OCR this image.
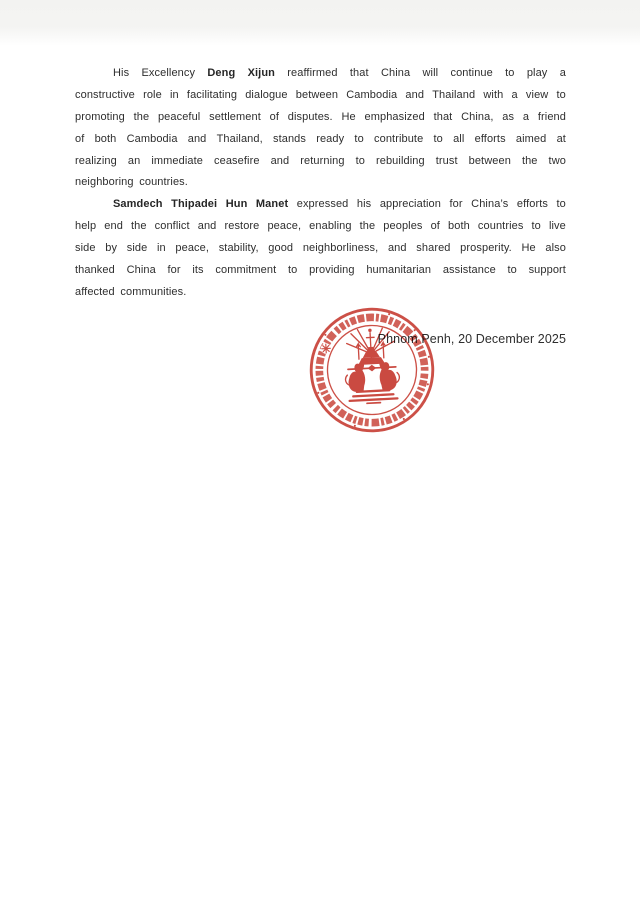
His Excellency Deng Xijun reaffirmed that China will continue to play a
constructive role in facilitating dialogue between Cambodia and Thailand with a view to
promoting the peaceful settlement of disputes. He emphasized that China, as a friend
of both Cambodia and Thailand, stands ready to contribute to all efforts aimed at
realizing an immediate ceasefire and returning to rebuilding trust between the two
neighboring countries.
Samdech Thipadei Hun Manet expressed his appreciation for China’s efforts to
help end the conflict and restore peace, enabling the peoples of both countries to live
side by side in peace, stability, good neighborliness, and shared prosperity. He also
thanked China for its commitment to providing humanitarian assistance to support
affected communities.
Phnom Penh, 20 December 2025
